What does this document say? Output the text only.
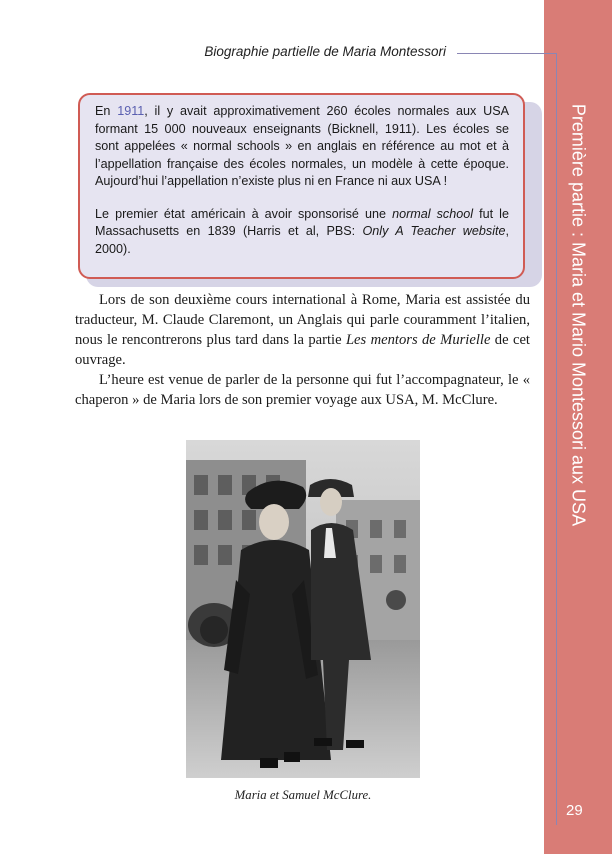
Première partie : Maria et Mario Montessori aux USA
29
Biographie partielle de Maria Montessori

En 1911, il y avait approximativement 260 écoles normales aux USA formant 15 000 nouveaux enseignants (Bicknell, 1911). Les écoles se sont appelées « normal schools » en anglais en référence au mot et à l’appellation française des écoles normales, un modèle à cette époque. Aujourd’hui l’appellation n’existe plus ni en France ni aux USA !

Le premier état américain à avoir sponsorisé une normal school fut le Massachusetts en 1839 (Harris et al, PBS: Only A Teacher website, 2000).

Lors de son deuxième cours international à Rome, Maria est assistée du traducteur, M. Claude Claremont, un Anglais qui parle couramment l’italien, nous le rencontrerons plus tard dans la partie Les mentors de Murielle de cet ouvrage.

L’heure est venue de parler de la personne qui fut l’accompagnateur, le « chaperon » de Maria lors de son premier voyage aux USA, M. McClure.

Maria et Samuel McClure.
